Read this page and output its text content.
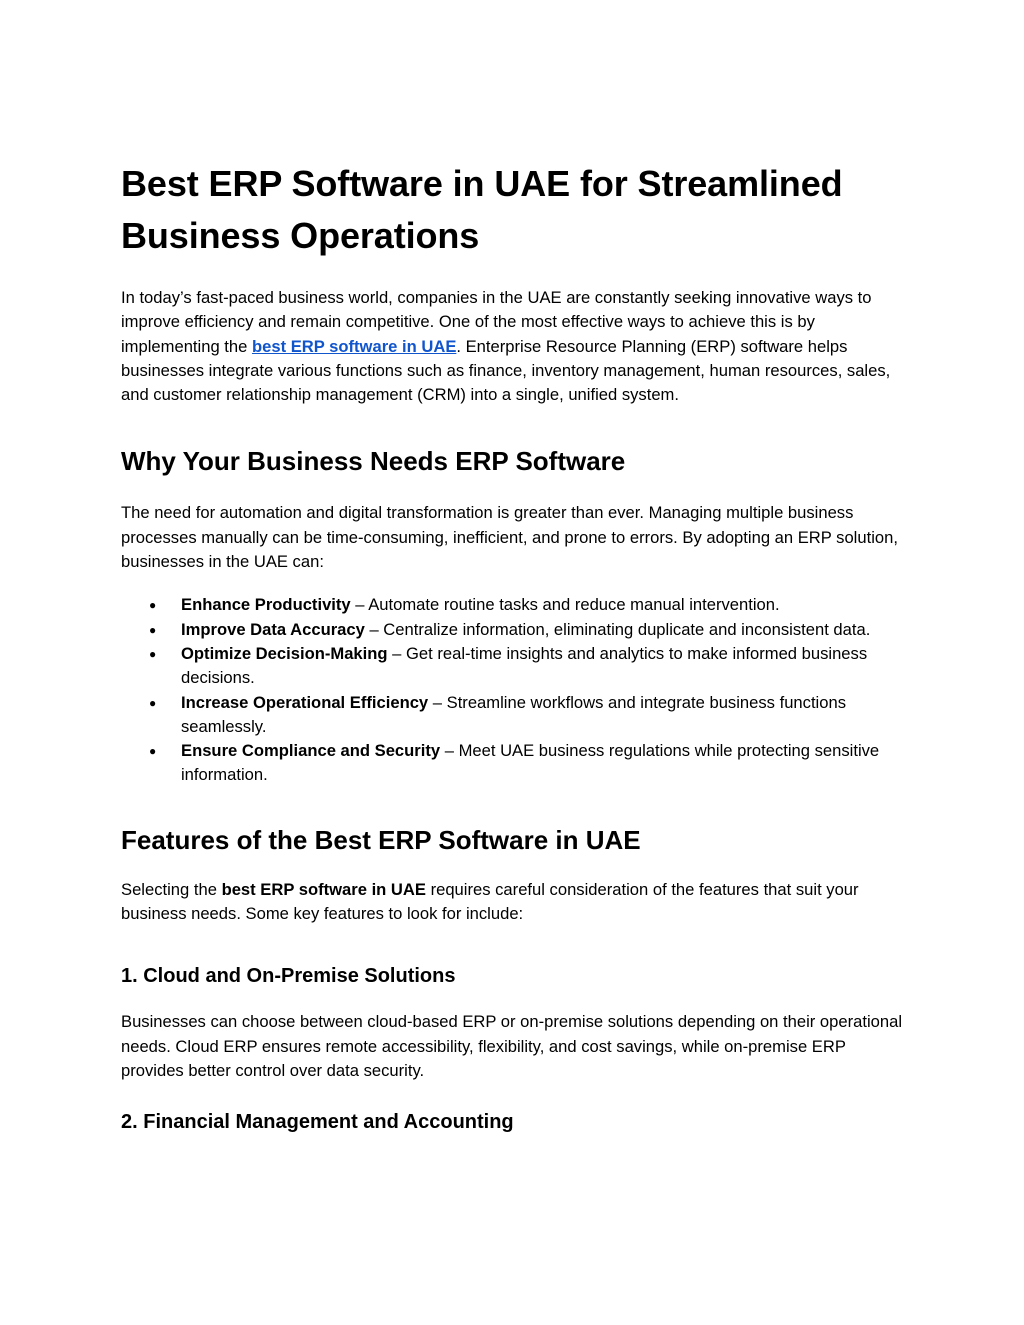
Best ERP Software in UAE for Streamlined Business Operations

In today’s fast-paced business world, companies in the UAE are constantly seeking innovative ways to improve efficiency and remain competitive. One of the most effective ways to achieve this is by implementing the best ERP software in UAE. Enterprise Resource Planning (ERP) software helps businesses integrate various functions such as finance, inventory management, human resources, sales, and customer relationship management (CRM) into a single, unified system.

Why Your Business Needs ERP Software

The need for automation and digital transformation is greater than ever. Managing multiple business processes manually can be time-consuming, inefficient, and prone to errors. By adopting an ERP solution, businesses in the UAE can:

● Enhance Productivity – Automate routine tasks and reduce manual intervention.
● Improve Data Accuracy – Centralize information, eliminating duplicate and inconsistent data.
● Optimize Decision-Making – Get real-time insights and analytics to make informed business decisions.
● Increase Operational Efficiency – Streamline workflows and integrate business functions seamlessly.
● Ensure Compliance and Security – Meet UAE business regulations while protecting sensitive information.
Features of the Best ERP Software in UAE

Selecting the best ERP software in UAE requires careful consideration of the features that suit your business needs. Some key features to look for include:

1. Cloud and On-Premise Solutions

Businesses can choose between cloud-based ERP or on-premise solutions depending on their operational needs. Cloud ERP ensures remote accessibility, flexibility, and cost savings, while on-premise ERP provides better control over data security.

2. Financial Management and Accounting
